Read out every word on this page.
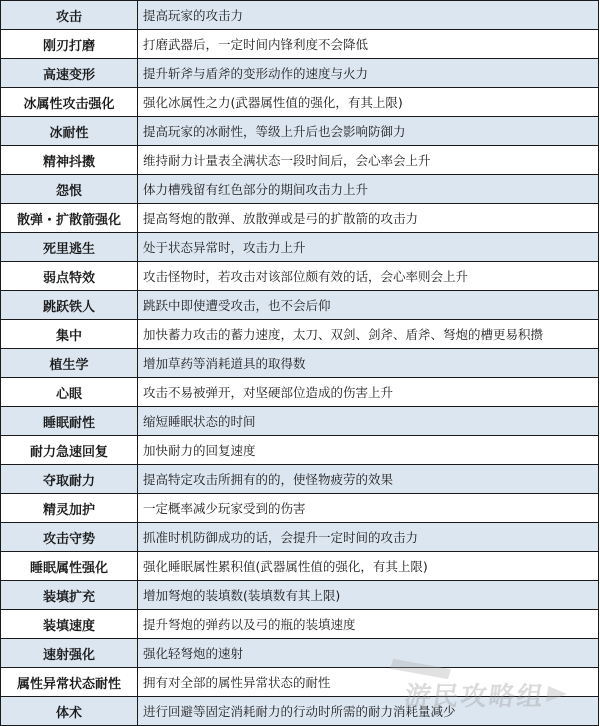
攻击	提高玩家的攻击力
刚刃打磨	打磨武器后，一定时间内锋利度不会降低
高速变形	提升斩斧与盾斧的变形动作的速度与火力
冰属性攻击强化	强化冰属性之力(武器属性值的强化，有其上限)
冰耐性	提高玩家的冰耐性，等级上升后也会影响防御力
精神抖擞	维持耐力计量表全满状态一段时间后，会心率会上升
怨恨	体力槽残留有红色部分的期间攻击力上升
散弹・扩散箭强化	提高弩炮的散弹、放散弹或是弓的扩散箭的攻击力
死里逃生	处于状态异常时，攻击力上升
弱点特效	攻击怪物时，若攻击对该部位颇有效的话，会心率则会上升
跳跃铁人	跳跃中即使遭受攻击，也不会后仰
集中	加快蓄力攻击的蓄力速度，太刀、双剑、剑斧、盾斧、弩炮的槽更易积攒
植生学	增加草药等消耗道具的取得数
心眼	攻击不易被弹开，对坚硬部位造成的伤害上升
睡眠耐性	缩短睡眠状态的时间
耐力急速回复	加快耐力的回复速度
夺取耐力	提高特定攻击所拥有的的，使怪物疲劳的效果
精灵加护	一定概率减少玩家受到的伤害
攻击守势	抓准时机防御成功的话，会提升一定时间的攻击力
睡眠属性强化	强化睡眠属性累积值(武器属性值的强化，有其上限)
装填扩充	增加弩炮的装填数(装填数有其上限)
装填速度	提升弩炮的弹药以及弓的瓶的装填速度
速射强化	强化轻弩炮的速射
属性异常状态耐性	拥有对全部的属性异常状态的耐性
体术	进行回避等固定消耗耐力的行动时所需的耐力消耗量减少
游民攻略组
